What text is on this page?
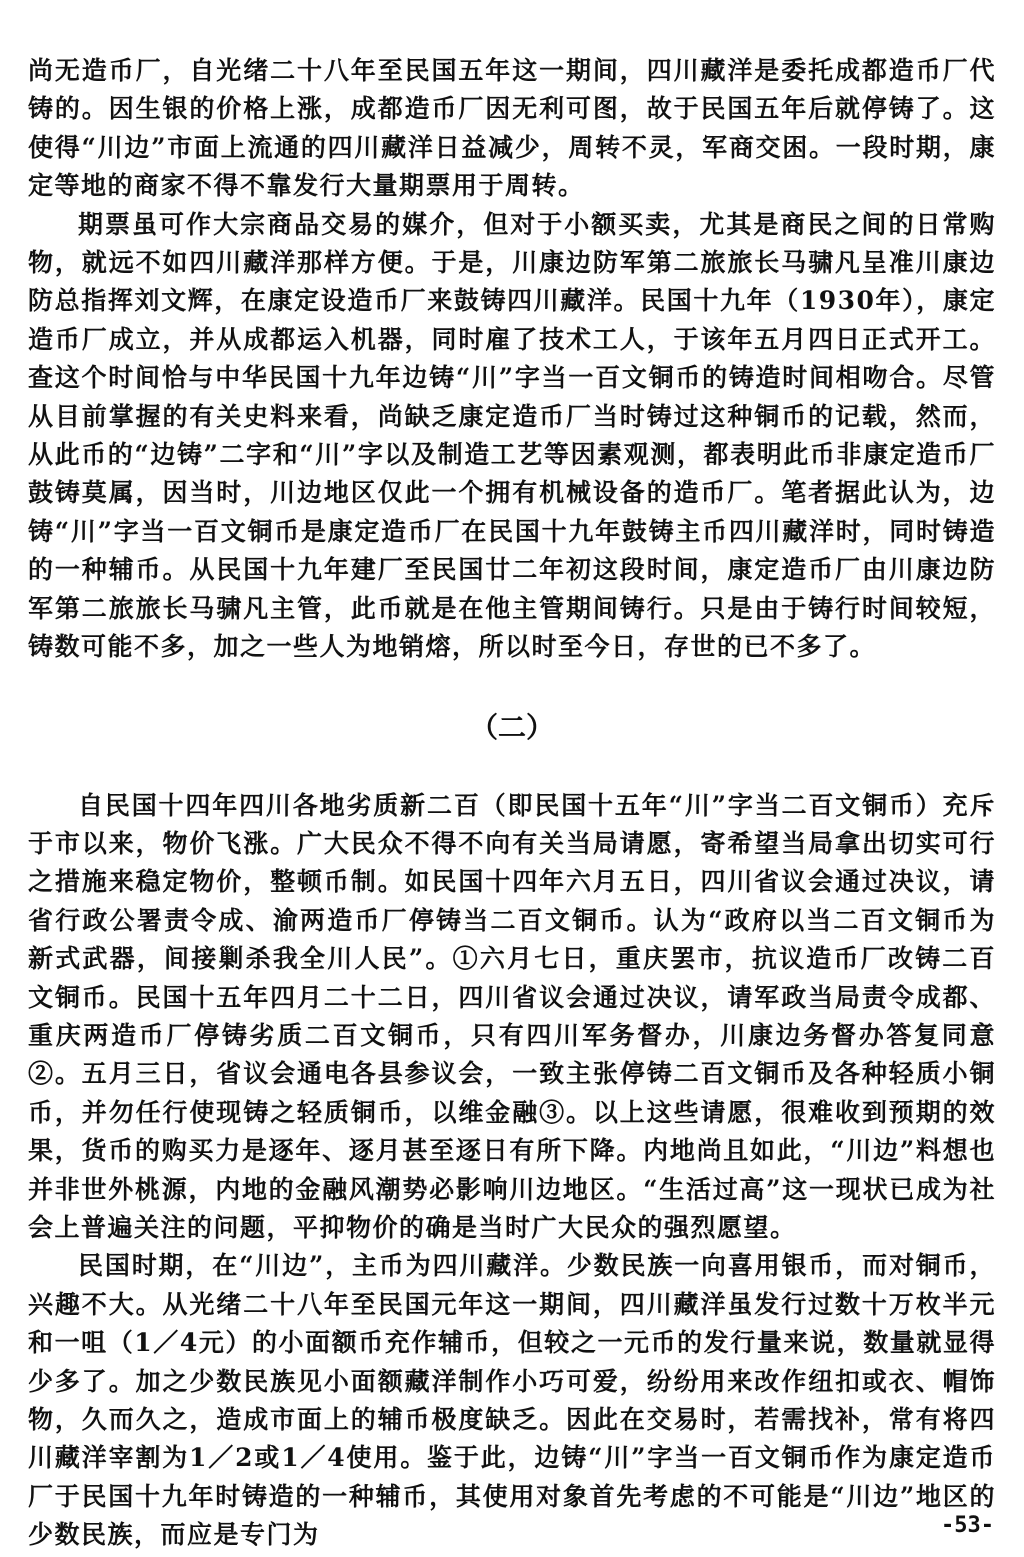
尚无造币厂，自光绪二十八年至民国五年这一期间，四川藏洋是委托成都造币厂代铸的。因生银的价格上涨，成都造币厂因无利可图，故于民国五年后就停铸了。这使得“川边”市面上流通的四川藏洋日益减少，周转不灵，军商交困。一段时期，康定等地的商家不得不靠发行大量期票用于周转。

期票虽可作大宗商品交易的媒介，但对于小额买卖，尤其是商民之间的日常购物，就远不如四川藏洋那样方便。于是，川康边防军第二旅旅长马骕凡呈准川康边防总指挥刘文辉，在康定设造币厂来鼓铸四川藏洋。民国十九年（1930年），康定造币厂成立，并从成都运入机器，同时雇了技术工人，于该年五月四日正式开工。查这个时间恰与中华民国十九年边铸“川”字当一百文铜币的铸造时间相吻合。尽管从目前掌握的有关史料来看，尚缺乏康定造币厂当时铸过这种铜币的记载，然而，从此币的“边铸”二字和“川”字以及制造工艺等因素观测，都表明此币非康定造币厂鼓铸莫属，因当时，川边地区仅此一个拥有机械设备的造币厂。笔者据此认为，边铸“川”字当一百文铜币是康定造币厂在民国十九年鼓铸主币四川藏洋时，同时铸造的一种辅币。从民国十九年建厂至民国廿二年初这段时间，康定造币厂由川康边防军第二旅旅长马骕凡主管，此币就是在他主管期间铸行。只是由于铸行时间较短，铸数可能不多，加之一些人为地销熔，所以时至今日，存世的已不多了。

（二）

自民国十四年四川各地劣质新二百（即民国十五年“川”字当二百文铜币）充斥于市以来，物价飞涨。广大民众不得不向有关当局请愿，寄希望当局拿出切实可行之措施来稳定物价，整顿币制。如民国十四年六月五日，四川省议会通过决议，请省行政公署责令成、渝两造币厂停铸当二百文铜币。认为“政府以当二百文铜币为新式武器，间接剿杀我全川人民”。①六月七日，重庆罢市，抗议造币厂改铸二百文铜币。民国十五年四月二十二日，四川省议会通过决议，请军政当局责令成都、重庆两造币厂停铸劣质二百文铜币，只有四川军务督办，川康边务督办答复同意②。五月三日，省议会通电各县参议会，一致主张停铸二百文铜币及各种轻质小铜币，并勿任行使现铸之轻质铜币，以维金融③。以上这些请愿，很难收到预期的效果，货币的购买力是逐年、逐月甚至逐日有所下降。内地尚且如此，“川边”料想也并非世外桃源，内地的金融风潮势必影响川边地区。“生活过高”这一现状已成为社会上普遍关注的问题，平抑物价的确是当时广大民众的强烈愿望。

民国时期，在“川边”，主币为四川藏洋。少数民族一向喜用银币，而对铜币，兴趣不大。从光绪二十八年至民国元年这一期间，四川藏洋虽发行过数十万枚半元和一咀（1／4元）的小面额币充作辅币，但较之一元币的发行量来说，数量就显得少多了。加之少数民族见小面额藏洋制作小巧可爱，纷纷用来改作纽扣或衣、帽饰物，久而久之，造成市面上的辅币极度缺乏。因此在交易时，若需找补，常有将四川藏洋宰割为1／2或1／4使用。鉴于此，边铸“川”字当一百文铜币作为康定造币厂于民国十九年时铸造的一种辅币，其使用对象首先考虑的不可能是“川边”地区的少数民族，而应是专门为	-53-
